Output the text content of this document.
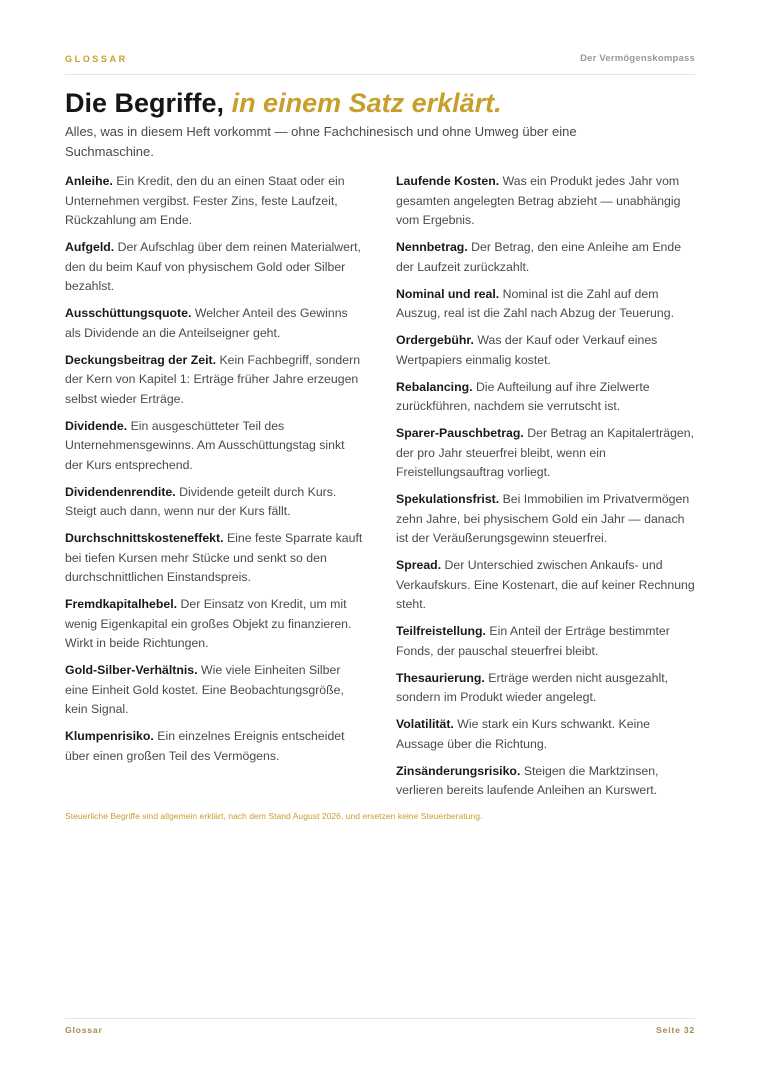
GLOSSAR	Der Vermögenskompass
Die Begriffe, in einem Satz erklärt.

Alles, was in diesem Heft vorkommt — ohne Fachchinesisch und ohne Umweg über eine Suchmaschine.

Anleihe. Ein Kredit, den du an einen Staat oder ein Unternehmen vergibst. Fester Zins, feste Laufzeit, Rückzahlung am Ende.

Aufgeld. Der Aufschlag über dem reinen Materialwert, den du beim Kauf von physischem Gold oder Silber bezahlst.

Ausschüttungsquote. Welcher Anteil des Gewinns als Dividende an die Anteilseigner geht.

Deckungsbeitrag der Zeit. Kein Fachbegriff, sondern der Kern von Kapitel 1: Erträge früher Jahre erzeugen selbst wieder Erträge.

Dividende. Ein ausgeschütteter Teil des Unternehmensgewinns. Am Ausschüttungstag sinkt der Kurs entsprechend.

Dividendenrendite. Dividende geteilt durch Kurs. Steigt auch dann, wenn nur der Kurs fällt.

Durchschnittskosteneffekt. Eine feste Sparrate kauft bei tiefen Kursen mehr Stücke und senkt so den durchschnittlichen Einstandspreis.

Fremdkapitalhebel. Der Einsatz von Kredit, um mit wenig Eigenkapital ein großes Objekt zu finanzieren. Wirkt in beide Richtungen.

Gold-Silber-Verhältnis. Wie viele Einheiten Silber eine Einheit Gold kostet. Eine Beobachtungsgröße, kein Signal.

Klumpenrisiko. Ein einzelnes Ereignis entscheidet über einen großen Teil des Vermögens.

Laufende Kosten. Was ein Produkt jedes Jahr vom gesamten angelegten Betrag abzieht — unabhängig vom Ergebnis.

Nennbetrag. Der Betrag, den eine Anleihe am Ende der Laufzeit zurückzahlt.

Nominal und real. Nominal ist die Zahl auf dem Auszug, real ist die Zahl nach Abzug der Teuerung.

Ordergebühr. Was der Kauf oder Verkauf eines Wertpapiers einmalig kostet.

Rebalancing. Die Aufteilung auf ihre Zielwerte zurückführen, nachdem sie verrutscht ist.

Sparer-Pauschbetrag. Der Betrag an Kapitalerträgen, der pro Jahr steuerfrei bleibt, wenn ein Freistellungsauftrag vorliegt.

Spekulationsfrist. Bei Immobilien im Privatvermögen zehn Jahre, bei physischem Gold ein Jahr — danach ist der Veräußerungsgewinn steuerfrei.

Spread. Der Unterschied zwischen Ankaufs- und Verkaufskurs. Eine Kostenart, die auf keiner Rechnung steht.

Teilfreistellung. Ein Anteil der Erträge bestimmter Fonds, der pauschal steuerfrei bleibt.

Thesaurierung. Erträge werden nicht ausgezahlt, sondern im Produkt wieder angelegt.

Volatilität. Wie stark ein Kurs schwankt. Keine Aussage über die Richtung.

Zinsänderungsrisiko. Steigen die Marktzinsen, verlieren bereits laufende Anleihen an Kurswert.

Steuerliche Begriffe sind allgemein erklärt, nach dem Stand August 2026, und ersetzen keine Steuerberatung.

Glossar	Seite 32
